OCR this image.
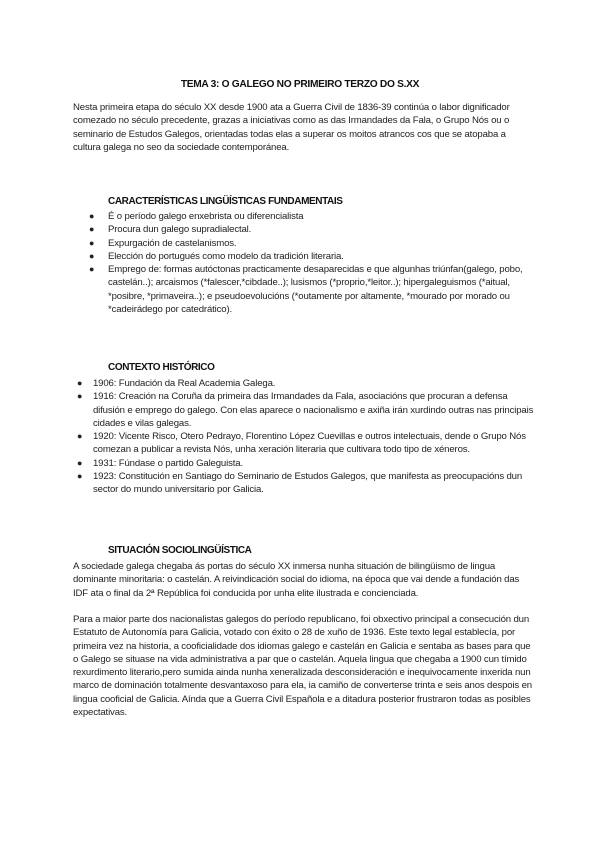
TEMA 3: O GALEGO NO PRIMEIRO TERZO DO S.XX

Nesta primeira etapa do século XX desde 1900 ata a Guerra Civil de 1836-39 continúa o labor dignificador comezado no século precedente, grazas a iniciativas como as das Irmandades da Fala, o Grupo Nós ou o seminario de Estudos Galegos, orientadas todas elas a superar os moitos atrancos cos que se atopaba a cultura galega no seo da sociedade contemporánea.

CARACTERÍSTICAS LINGÜÍSTICAS FUNDAMENTAIS
● É o período galego enxebrista ou diferencialista
● Procura dun galego supradialectal.
● Expurgación de castelanismos.
● Elección do portugués como modelo da tradición literaria.
● Emprego de: formas autóctonas practicamente desaparecidas e que algunhas triúnfan(galego, pobo, castelán..); arcaismos (*falescer,*cibdade..); lusismos (*proprio,*leitor..); hipergaleguismos (*aitual, *posibre, *primaveira..); e pseudoevolucións (*outamente por altamente, *mourado por morado ou *cadeirádego por catedrático).
CONTEXTO HISTÓRICO
● 1906: Fundación da Real Academia Galega.
● 1916: Creación na Coruña da primeira das Irmandades da Fala, asociacións que procuran a defensa difusión e emprego do galego. Con elas aparece o nacionalismo e axiña irán xurdindo outras nas principais cidades e vilas galegas.
● 1920: Vicente Risco, Otero Pedrayo, Florentino López Cuevillas e outros intelectuais, dende o Grupo Nós comezan a publicar a revista Nós, unha xeración literaria que cultivara todo tipo de xéneros.
● 1931: Fúndase o partido Galeguista.
● 1923: Constitución en Santiago do Seminario de Estudos Galegos, que manifesta as preocupacións dun sector do mundo universitario por Galicia.
SITUACIÓN SOCIOLINGÜÍSTICA

A sociedade galega chegaba ás portas do século XX inmersa nunha situación de bilingüismo de lingua dominante minoritaria: o castelán. A reivindicación social do idioma, na época que vai dende a fundación das IDF ata o final da 2ª República foi conducida por unha elite ilustrada e concienciada.

Para a maior parte dos nacionalistas galegos do período republicano, foi obxectivo principal a consecución dun Estatuto de Autonomía para Galicia, votado con éxito o 28 de xuño de 1936. Este texto legal establecía, por primeira vez na historia, a cooficialidade dos idiomas galego e castelán en Galicia e sentaba as bases para que o Galego se situase na vida administrativa a par que o castelán. Aquela lingua que chegaba a 1900 cun tímido rexurdimento literario,pero sumida ainda nunha xeneralizada desconsideración e inequivocamente inxerida nun marco de dominación totalmente desvantaxoso para ela, ia camiño de converterse trinta e seis anos despois en lingua cooficial de Galicia. Aínda que a Guerra Civil Española e a ditadura posterior frustraron todas as posibles expectativas.
